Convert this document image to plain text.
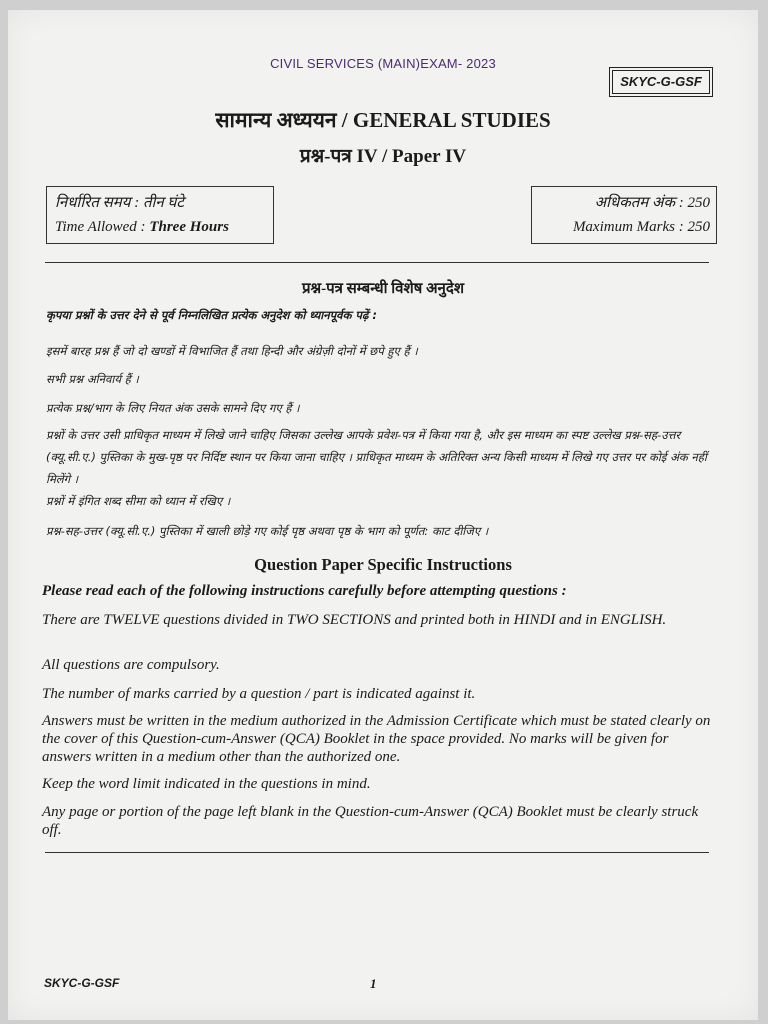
CIVIL SERVICES (MAIN)EXAM- 2023
SKYC-G-GSF
सामान्य अध्ययन / GENERAL STUDIES
प्रश्न-पत्र IV / Paper IV
निर्धारित समय : तीन घंटे
Time Allowed : Three Hours
अधिकतम अंक : 250
Maximum Marks : 250
प्रश्न-पत्र सम्बन्धी विशेष अनुदेश
कृपया प्रश्नों के उत्तर देने से पूर्व निम्नलिखित प्रत्येक अनुदेश को ध्यानपूर्वक पढ़ें :
इसमें बारह प्रश्न हैं जो दो खण्डों में विभाजित हैं तथा हिन्दी और अंग्रेज़ी दोनों में छपे हुए हैं ।
सभी प्रश्न अनिवार्य हैं ।
प्रत्येक प्रश्न/भाग के लिए नियत अंक उसके सामने दिए गए हैं ।
प्रश्नों के उत्तर उसी प्राधिकृत माध्यम में लिखे जाने चाहिए जिसका उल्लेख आपके प्रवेश-पत्र में किया गया है, और इस माध्यम का स्पष्ट उल्लेख प्रश्न-सह-उत्तर (क्यू.सी.ए.) पुस्तिका के मुख-पृष्ठ पर निर्दिष्ट स्थान पर किया जाना चाहिए । प्राधिकृत माध्यम के अतिरिक्त अन्य किसी माध्यम में लिखे गए उत्तर पर कोई अंक नहीं मिलेंगे ।
प्रश्नों में इंगित शब्द सीमा को ध्यान में रखिए ।
प्रश्न-सह-उत्तर (क्यू.सी.ए.) पुस्तिका में खाली छोड़े गए कोई पृष्ठ अथवा पृष्ठ के भाग को पूर्णत: काट दीजिए ।
Question Paper Specific Instructions
Please read each of the following instructions carefully before attempting questions :
There are TWELVE questions divided in TWO SECTIONS and printed both in HINDI and in ENGLISH.
All questions are compulsory.
The number of marks carried by a question / part is indicated against it.
Answers must be written in the medium authorized in the Admission Certificate which must be stated clearly on the cover of this Question-cum-Answer (QCA) Booklet in the space provided. No marks will be given for answers written in a medium other than the authorized one.
Keep the word limit indicated in the questions in mind.
Any page or portion of the page left blank in the Question-cum-Answer (QCA) Booklet must be clearly struck off.
SKYC-G-GSF	1
